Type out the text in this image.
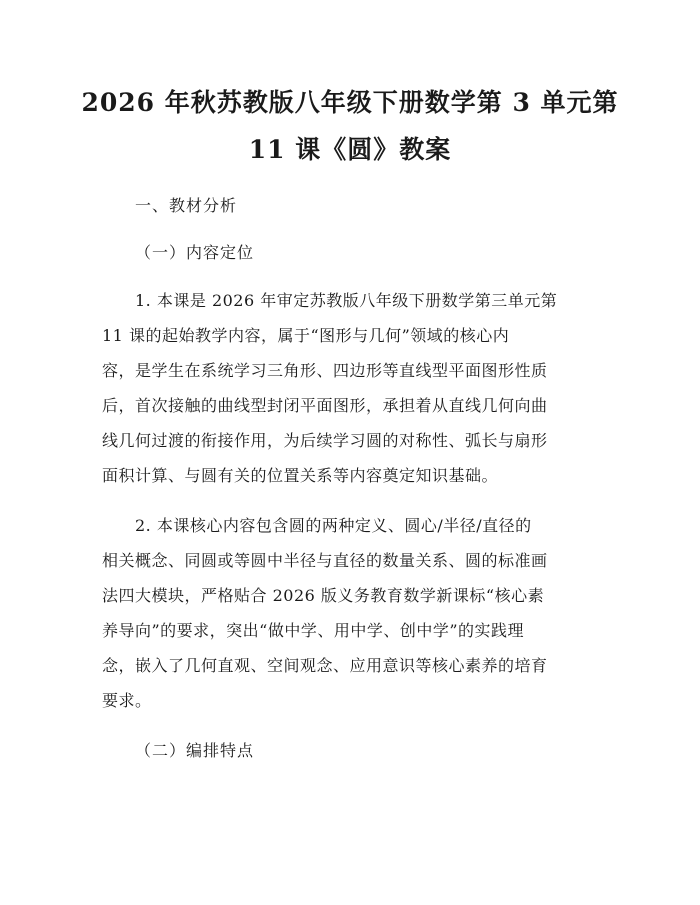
2026 年秋苏教版八年级下册数学第 3 单元第
11 课《圆》教案
一、教材分析
（一）内容定位
1. 本课是 2026 年审定苏教版八年级下册数学第三单元第
11 课的起始教学内容，属于“图形与几何”领域的核心内
容，是学生在系统学习三角形、四边形等直线型平面图形性质
后，首次接触的曲线型封闭平面图形，承担着从直线几何向曲
线几何过渡的衔接作用，为后续学习圆的对称性、弧长与扇形
面积计算、与圆有关的位置关系等内容奠定知识基础。
2. 本课核心内容包含圆的两种定义、圆心/半径/直径的
相关概念、同圆或等圆中半径与直径的数量关系、圆的标准画
法四大模块，严格贴合 2026 版义务教育数学新课标“核心素
养导向”的要求，突出“做中学、用中学、创中学”的实践理
念，嵌入了几何直观、空间观念、应用意识等核心素养的培育
要求。
（二）编排特点
